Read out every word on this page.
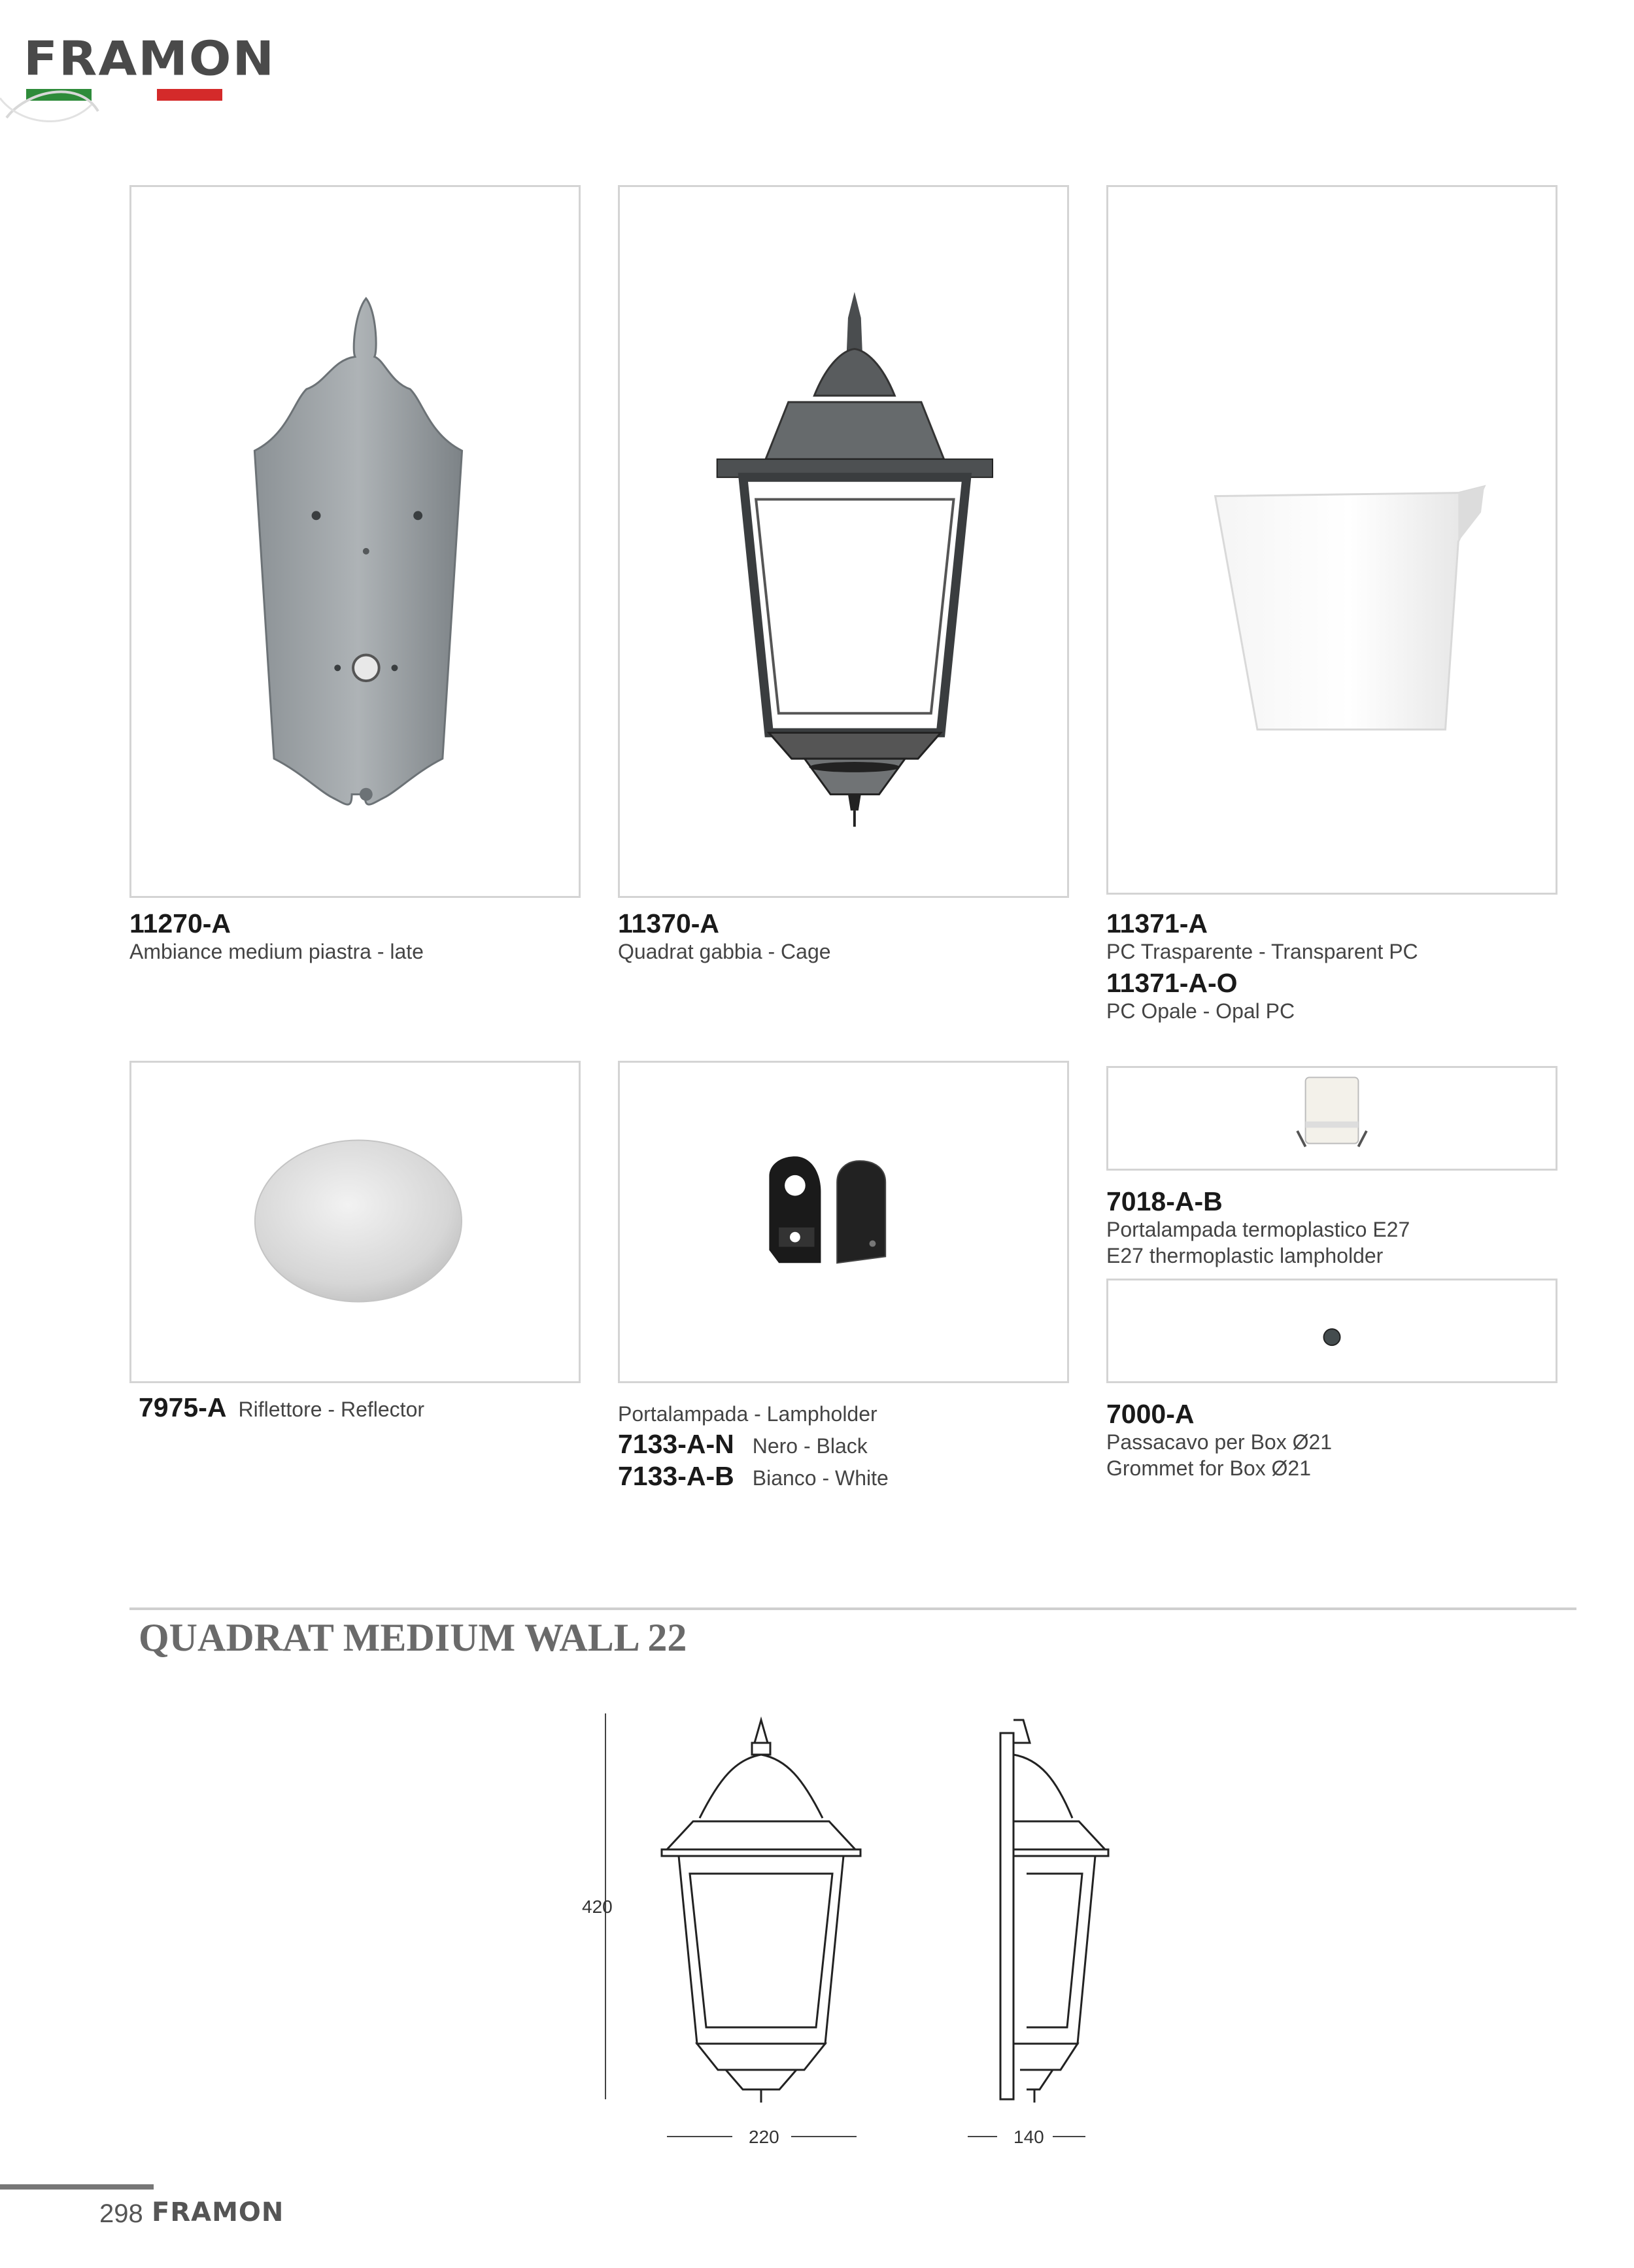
FRAMON
11270-A
Ambiance medium piastra - late
11370-A
Quadrat gabbia - Cage
11371-A
PC Trasparente - Transparent PC
11371-A-O
PC Opale - Opal PC
7975-A Riflettore - Reflector	Portalampada - Lampholder
7133-A-N Nero - Black
7133-A-B Bianco - White
7018-A-B
Portalampada termoplastico E27
E27 thermoplastic lampholder
7000-A
Passacavo per Box Ø21
Grommet for Box Ø21
QUADRAT MEDIUM WALL 22
420
220	140
298 FRAMON
